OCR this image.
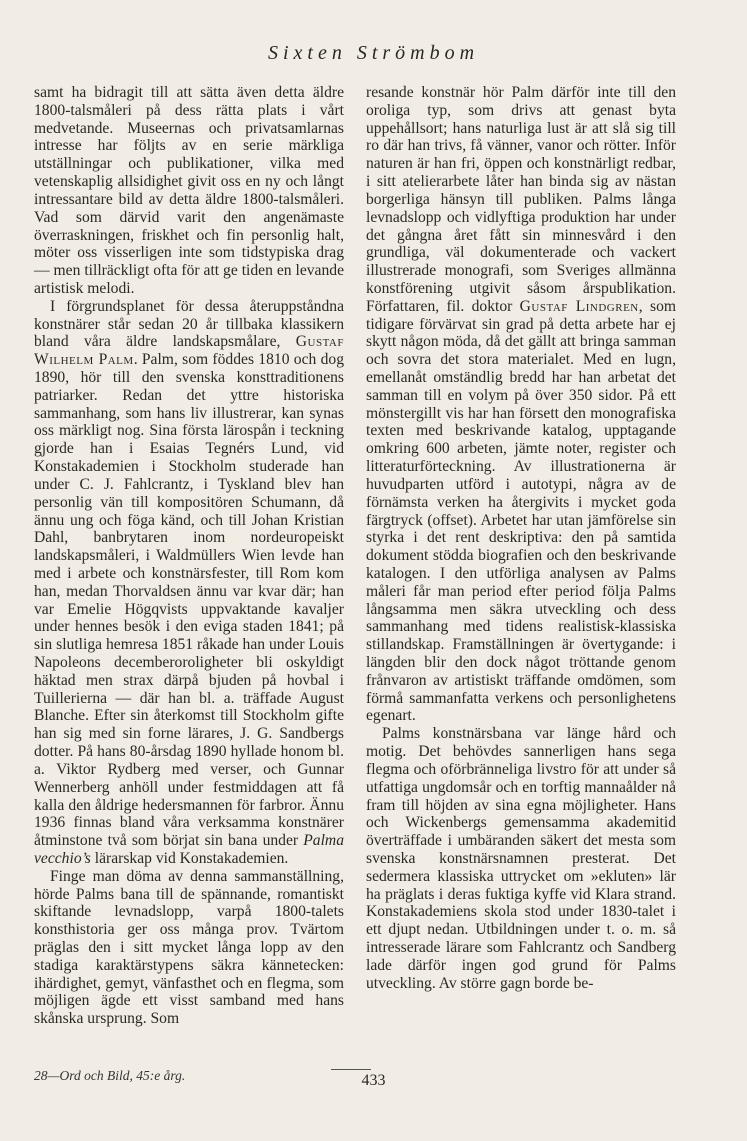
Sixten Strömbom

samt ha bidragit till att sätta även detta äldre 1800-talsmåleri på dess rätta plats i vårt medvetande. Museernas och privatsamlarnas intresse har följts av en serie märkliga utställningar och publikationer, vilka med vetenskaplig allsidighet givit oss en ny och långt intressantare bild av detta äldre 1800-talsmåleri. Vad som därvid varit den angenämaste överraskningen, friskhet och fin personlig halt, möter oss visserligen inte som tidstypiska drag — men tillräckligt ofta för att ge tiden en levande artistisk melodi.

I förgrundsplanet för dessa återuppståndna konstnärer står sedan 20 år tillbaka klassikern bland våra äldre landskapsmålare, Gustaf Wilhelm Palm. Palm, som föddes 1810 och dog 1890, hör till den svenska konsttraditionens patriarker. Redan det yttre historiska sammanhang, som hans liv illustrerar, kan synas oss märkligt nog. Sina första lärospån i teckning gjorde han i Esaias Tegnérs Lund, vid Konstakademien i Stockholm studerade han under C. J. Fahlcrantz, i Tyskland blev han personlig vän till kompositören Schumann, då ännu ung och föga känd, och till Johan Kristian Dahl, banbrytaren inom nordeuropeiskt landskapsmåleri, i Waldmüllers Wien levde han med i arbete och konstnärsfester, till Rom kom han, medan Thorvaldsen ännu var kvar där; han var Emelie Högqvists uppvaktande kavaljer under hennes besök i den eviga staden 1841; på sin slutliga hemresa 1851 råkade han under Louis Napoleons decemberoroligheter bli oskyldigt häktad men strax därpå bjuden på hovbal i Tuillerierna — där han bl. a. träffade August Blanche. Efter sin återkomst till Stockholm gifte han sig med sin forne lärares, J. G. Sandbergs dotter. På hans 80-årsdag 1890 hyllade honom bl. a. Viktor Rydberg med verser, och Gunnar Wennerberg anhöll under festmiddagen att få kalla den åldrige hedersmannen för farbror. Ännu 1936 finnas bland våra verksamma konstnärer åtminstone två som börjat sin bana under Palma vecchio’s lärarskap vid Konstakademien.

Finge man döma av denna sammanställning, hörde Palms bana till de spännande, romantiskt skiftande levnadslopp, varpå 1800-talets konsthistoria ger oss många prov. Tvärtom präglas den i sitt mycket långa lopp av den stadiga karaktärstypens säkra kännetecken: ihärdighet, gemyt, vänfasthet och en flegma, som möjligen ägde ett visst samband med hans skånska ursprung. Som

resande konstnär hör Palm därför inte till den oroliga typ, som drivs att genast byta uppehållsort; hans naturliga lust är att slå sig till ro där han trivs, få vänner, vanor och rötter. Inför naturen är han fri, öppen och konstnärligt redbar, i sitt atelierarbete låter han binda sig av nästan borgerliga hänsyn till publiken. Palms långa levnadslopp och vidlyftiga produktion har under det gångna året fått sin minnesvård i den grundliga, väl dokumenterade och vackert illustrerade monografi, som Sveriges allmänna konstförening utgivit såsom årspublikation. Författaren, fil. doktor Gustaf Lindgren, som tidigare förvärvat sin grad på detta arbete har ej skytt någon möda, då det gällt att bringa samman och sovra det stora materialet. Med en lugn, emellanåt omständlig bredd har han arbetat det samman till en volym på över 350 sidor. På ett mönstergillt vis har han försett den monografiska texten med beskrivande katalog, upptagande omkring 600 arbeten, jämte noter, register och litteraturförteckning. Av illustrationerna är huvudparten utförd i autotypi, några av de förnämsta verken ha återgivits i mycket goda färgtryck (offset). Arbetet har utan jämförelse sin styrka i det rent deskriptiva: den på samtida dokument stödda biografien och den beskrivande katalogen. I den utförliga analysen av Palms måleri får man period efter period följa Palms långsamma men säkra utveckling och dess sammanhang med tidens realistisk-klassiska stillandskap. Framställningen är övertygande: i längden blir den dock något tröttande genom frånvaron av artistiskt träffande omdömen, som förmå sammanfatta verkens och personlighetens egenart.

Palms konstnärsbana var länge hård och motig. Det behövdes sannerligen hans sega flegma och oförbränneliga livstro för att under så utfattiga ungdomsår och en torftig mannaålder nå fram till höjden av sina egna möjligheter. Hans och Wickenbergs gemensamma akademitid överträffade i umbäranden säkert det mesta som svenska konstnärsnamnen presterat. Det sedermera klassiska uttrycket om »ekluten» lär ha präglats i deras fuktiga kyffe vid Klara strand. Konstakademiens skola stod under 1830-talet i ett djupt nedan. Utbildningen under t. o. m. så intresserade lärare som Fahlcrantz och Sandberg lade därför ingen god grund för Palms utveckling. Av större gagn borde be-

28—Ord och Bild, 45:e årg.	433
